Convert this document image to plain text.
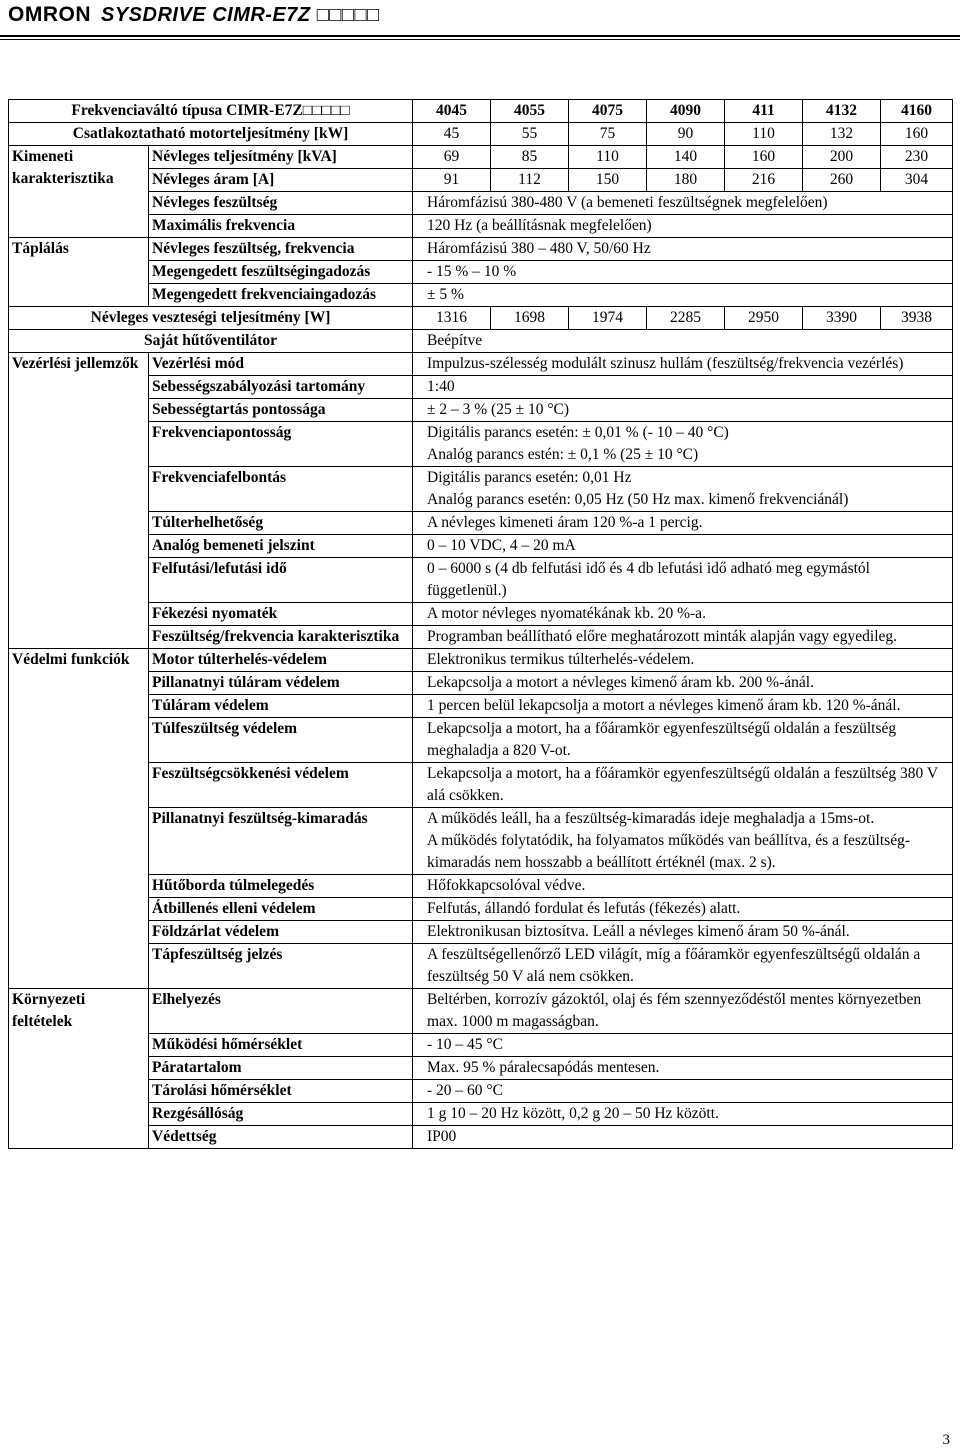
OMRON SYSDRIVE CIMR-E7Z □□□□□
Frekvenciaváltó típusa CIMR-E7Z□□□□□		4045	4055	4075	4090	411	4132	4160
Csatlakoztatható motorteljesítmény [kW]		45	55	75	90	110	132	160
Kimeneti karakterisztika	Névleges teljesítmény [kVA]	69	85	110	140	160	200	230
	Névleges áram [A]	91	112	150	180	216	260	304
	Névleges feszültség	Háromfázisú 380-480 V (a bemeneti feszültségnek megfelelően)						
	Maximális frekvencia	120 Hz (a beállításnak megfelelően)						
Táplálás	Névleges feszültség, frekvencia	Háromfázisú 380 – 480 V, 50/60 Hz						
	Megengedett feszültségingadozás	- 15 % – 10 %						
	Megengedett frekvenciaingadozás	± 5 %						
Névleges veszteségi teljesítmény [W]		1316	1698	1974	2285	2950	3390	3938
Saját hűtőventilátor		Beépítve						
Vezérlési jellemzők	Vezérlési mód	Impulzus-szélesség modulált szinusz hullám (feszültség/frekvencia vezérlés)						

	Sebességszabályozási tartomány	1:40						

	Sebességtartás pontossága	± 2 – 3 % (25 ± 10 °C)						

	Frekvenciapontosság	Digitális parancs esetén: ± 0,01 % (- 10 – 40 °C)
Analóg parancs estén: ± 0,1 % (25 ± 10 °C)						

	Frekvenciafelbontás	Digitális parancs esetén: 0,01 Hz
Analóg parancs esetén: 0,05 Hz (50 Hz max. kimenő frekvenciánál)						

	Túlterhelhetőség	A névleges kimeneti áram 120 %-a 1 percig.						

	Analóg bemeneti jelszint	0 – 10 VDC, 4 – 20 mA						

	Felfutási/lefutási idő	0 – 6000 s (4 db felfutási idő és 4 db lefutási idő adható meg egymástól függetlenül.)						

	Fékezési nyomaték	A motor névleges nyomatékának kb. 20 %-a.						

	Feszültség/frekvencia karakterisztika	Programban beállítható előre meghatározott minták alapján vagy egyedileg.						

Védelmi funkciók	Motor túlterhelés-védelem	Elektronikus termikus túlterhelés-védelem.						

	Pillanatnyi túláram védelem	Lekapcsolja a motort a névleges kimenő áram kb. 200 %-ánál.						

	Túláram védelem	1 percen belül lekapcsolja a motort a névleges kimenő áram kb. 120 %-ánál.						

	Túlfeszültség védelem	Lekapcsolja a motort, ha a főáramkör egyenfeszültségű oldalán a feszültség meghaladja a 820 V-ot.						

	Feszültségcsökkenési védelem	Lekapcsolja a motort, ha a főáramkör egyenfeszültségű oldalán a feszültség 380 V alá csökken.						

	Pillanatnyi feszültség-kimaradás	A működés leáll, ha a feszültség-kimaradás ideje meghaladja a 15ms-ot.
A működés folytatódik, ha folyamatos működés van beállítva, és a feszültség-kimaradás nem hosszabb a beállított értéknél (max. 2 s).						

	Hűtőborda túlmelegedés	Hőfokkapcsolóval védve.						

	Átbillenés elleni védelem	Felfutás, állandó fordulat és lefutás (fékezés) alatt.						

	Földzárlat védelem	Elektronikusan biztosítva. Leáll a névleges kimenő áram 50 %-ánál.						

	Tápfeszültség jelzés	A feszültségellenőrző LED világít, míg a főáramkör egyenfeszültségű oldalán a feszültség 50 V alá nem csökken.						

Környezeti feltételek	Elhelyezés	Beltérben, korrozív gázoktól, olaj és fém szennyeződéstől mentes környezetben max. 1000 m magasságban.						

	Működési hőmérséklet	- 10 – 45 °C						

	Páratartalom	Max. 95 % páralecsapódás mentesen.						

	Tárolási hőmérséklet	- 20 – 60 °C						

	Rezgésállóság	1 g 10 – 20 Hz között, 0,2 g 20 – 50 Hz között.						

	Védettség	IP00						
3
